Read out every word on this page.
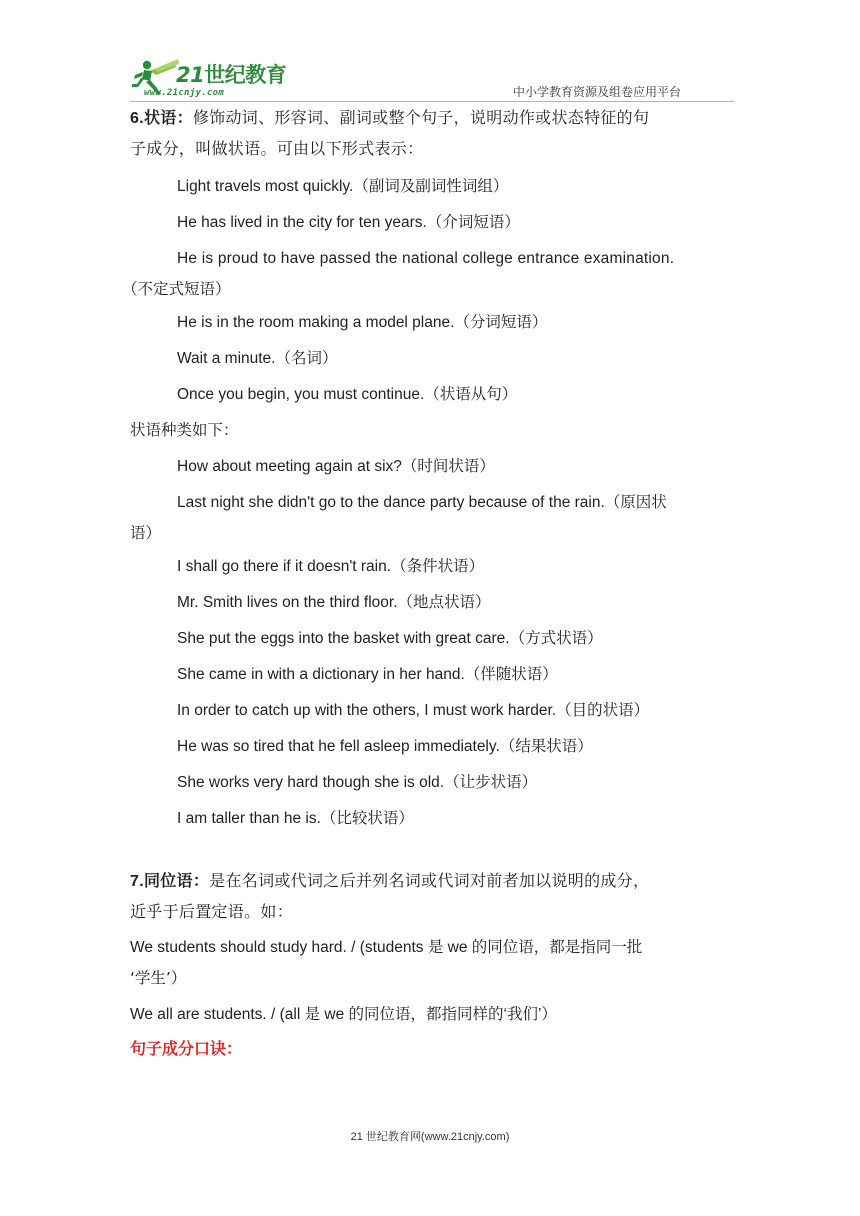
21世纪教育
www.21cnjy.com	中小学教育资源及组卷应用平台

6.状语：修饰动词、形容词、副词或整个句子，说明动作或状态特征的句
子成分，叫做状语。可由以下形式表示：

Light travels most quickly.（副词及副词性词组）
He has lived in the city for ten years.（介词短语）
He is proud to have passed the national college entrance examination.
（不定式短语）
He is in the room making a model plane.（分词短语）
Wait a minute.（名词）
Once you begin, you must continue.（状语从句）
状语种类如下：
How about meeting again at six?（时间状语）
Last night she didn't go to the dance party because of the rain.（原因状
语）
I shall go there if it doesn't rain.（条件状语）
Mr. Smith lives on the third floor.（地点状语）
She put the eggs into the basket with great care.（方式状语）
She came in with a dictionary in her hand.（伴随状语）
In order to catch up with the others, I must work harder.（目的状语）
He was so tired that he fell asleep immediately.（结果状语）
She works very hard though she is old.（让步状语）
I am taller than he is.（比较状语）

7.同位语：是在名词或代词之后并列名词或代词对前者加以说明的成分，
近乎于后置定语。如：

We students should study hard. / (students 是 we 的同位语，都是指同一批
‘学生’）
We all are students. / (all 是 we 的同位语，都指同样的‘我们’）
句子成分口诀：
21 世纪教育网(www.21cnjy.com)
